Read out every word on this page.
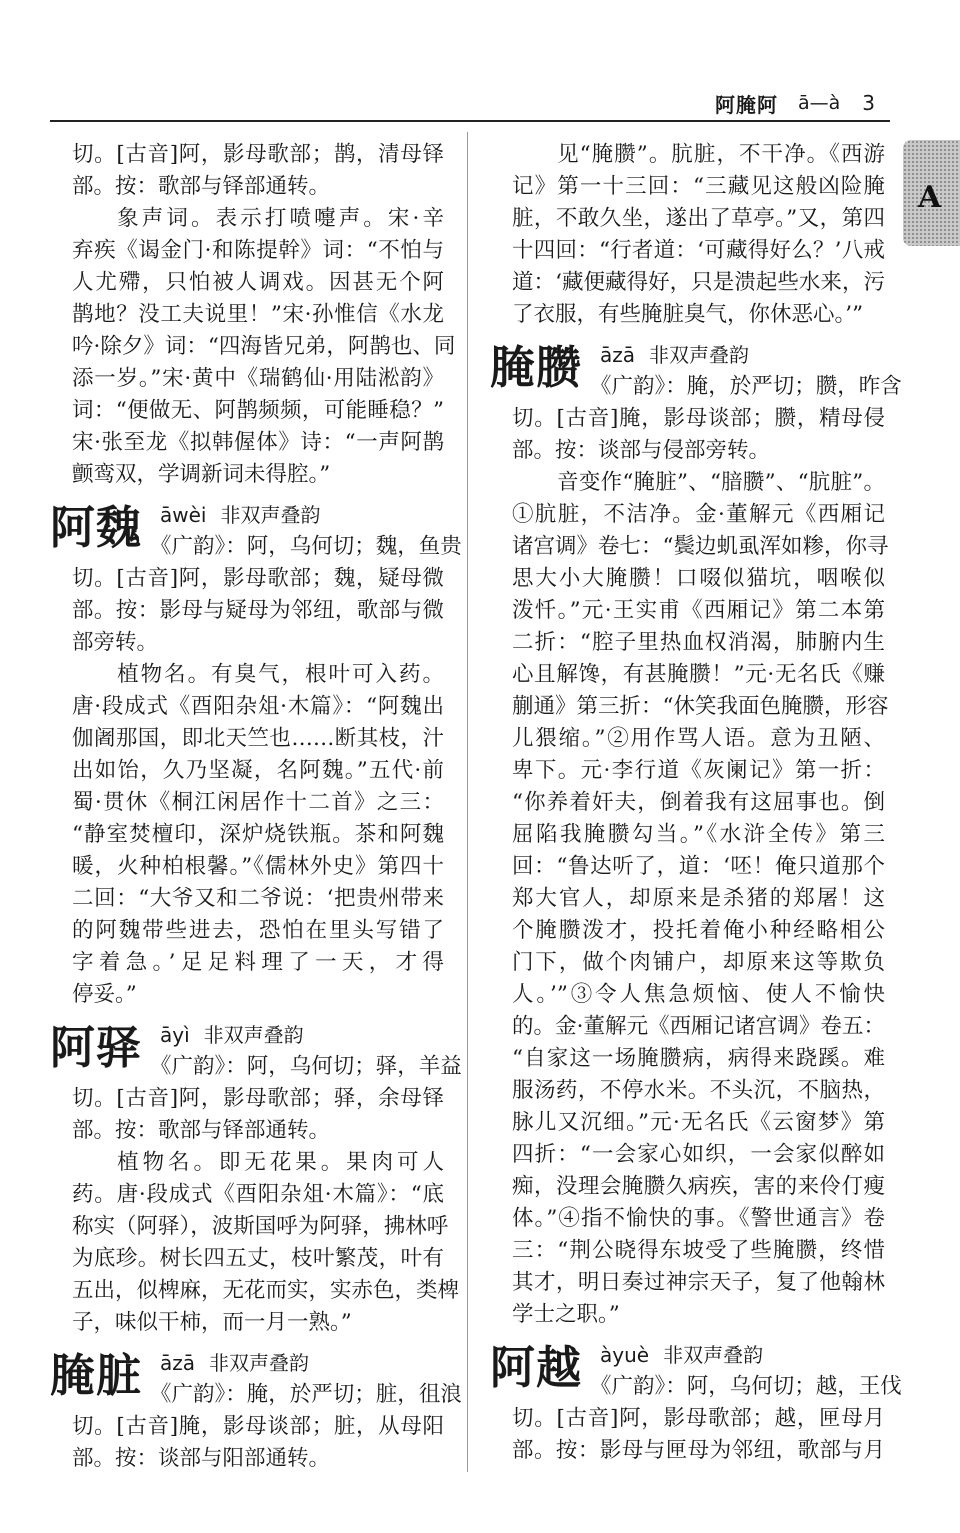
阿腌阿 ā—à 3
A
切。[古音]阿，影母歌部；鹊，清母铎
部。按：歌部与铎部通转。
象声词。表示打喷嚏声。宋·辛
弃疾《谒金门·和陈提幹》词：“不怕与
人尤殢，只怕被人调戏。因甚无个阿
鹊地？没工夫说里！”宋·孙惟信《水龙
吟·除夕》词：“四海皆兄弟，阿鹊也、同
添一岁。”宋·黄中《瑞鹤仙·用陆淞韵》
词：“便做无、阿鹊频频，可能睡稳？”
宋·张至龙《拟韩偓体》诗：“一声阿鹊
颤鸾双，学调新词未得腔。”
阿魏 āwèi 非双声叠韵
《广韵》：阿，乌何切；魏，鱼贵
切。[古音]阿，影母歌部；魏，疑母微
部。按：影母与疑母为邻纽，歌部与微
部旁转。
植物名。有臭气，根叶可入药。
唐·段成式《酉阳杂俎·木篇》：“阿魏出
伽阇那国，即北天竺也……断其枝，汁
出如饴，久乃坚凝，名阿魏。”五代·前
蜀·贯休《桐江闲居作十二首》之三：
“静室焚檀印，深炉烧铁瓶。茶和阿魏
暖，火种柏根馨。”《儒林外史》第四十
二回：“大爷又和二爷说：‘把贵州带来
的阿魏带些进去，恐怕在里头写错了
字着急。’足足料理了一天，才得
停妥。”
阿驿 āyì 非双声叠韵
《广韵》：阿，乌何切；驿，羊益
切。[古音]阿，影母歌部；驿，余母铎
部。按：歌部与铎部通转。
植物名。即无花果。果肉可人
药。唐·段成式《酉阳杂俎·木篇》：“底
称实（阿驿），波斯国呼为阿驿，拂林呼
为底珍。树长四五丈，枝叶繁茂，叶有
五出，似椑麻，无花而实，实赤色，类椑
子，味似干柿，而一月一熟。”
腌脏 āzā 非双声叠韵
《广韵》：腌，於严切；脏，徂浪
切。[古音]腌，影母谈部；脏，从母阳
部。按：谈部与阳部通转。
见“腌臜”。肮脏，不干净。《西游
记》第一十三回：“三藏见这般凶险腌
脏，不敢久坐，遂出了草亭。”又，第四
十四回：“行者道：‘可藏得好么？’八戒
道：‘藏便藏得好，只是溃起些水来，污
了衣服，有些腌脏臭气，你休恶心。’”
腌臜 āzā 非双声叠韵
《广韵》：腌，於严切；臜，昨含
切。[古音]腌，影母谈部；臜，精母侵
部。按：谈部与侵部旁转。
音变作“腌脏”、“腤臜”、“肮脏”。
①肮脏，不洁净。金·董解元《西厢记
诸宫调》卷七：“鬓边虮虱浑如糁，你寻
思大小大腌臜！口啜似猫坑，咽喉似
泼忏。”元·王实甫《西厢记》第二本第
二折：“腔子里热血权消渴，肺腑内生
心且解馋，有甚腌臜！”元·无名氏《赚
蒯通》第三折：“休笑我面色腌臜，形容
儿猥缩。”②用作骂人语。意为丑陋、
卑下。元·李行道《灰阑记》第一折：
“你养着奸夫，倒着我有这屈事也。倒
屈陷我腌臜勾当。”《水浒全传》第三
回：“鲁达听了，道：‘呸！俺只道那个
郑大官人，却原来是杀猪的郑屠！这
个腌臜泼才，投托着俺小种经略相公
门下，做个肉铺户，却原来这等欺负
人。’”③令人焦急烦恼、使人不愉快
的。金·董解元《西厢记诸宫调》卷五：
“自家这一场腌臜病，病得来跷蹊。难
服汤药，不停水米。不头沉，不脑热，
脉儿又沉细。”元·无名氏《云窗梦》第
四折：“一会家心如织，一会家似醉如
痴，没理会腌臜久病疾，害的来伶仃瘦
体。”④指不愉快的事。《警世通言》卷
三：“荆公晓得东坡受了些腌臜，终惜
其才，明日奏过神宗天子，复了他翰林
学士之职。”
阿越 àyuè 非双声叠韵
《广韵》：阿，乌何切；越，王伐
切。[古音]阿，影母歌部；越，匣母月
部。按：影母与匣母为邻纽，歌部与月
